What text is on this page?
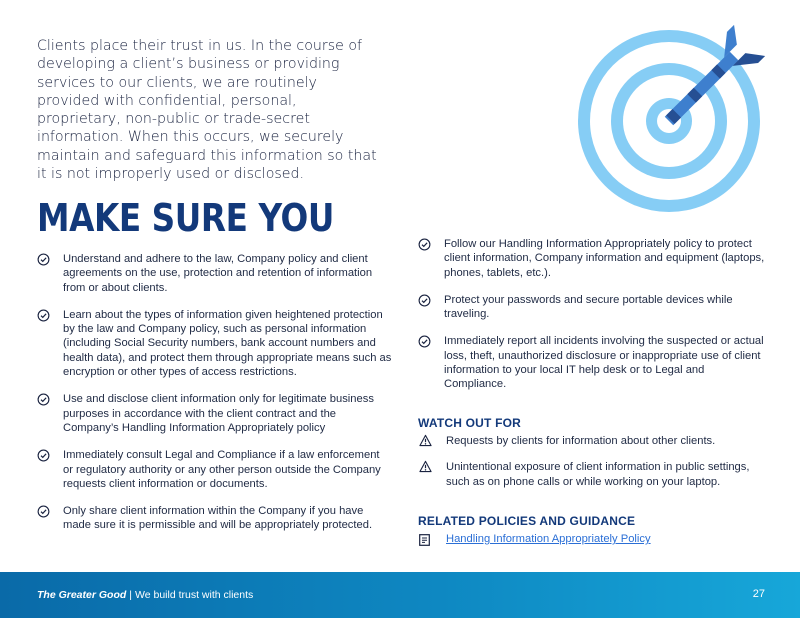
Clients place their trust in us. In the course of developing a client’s business or providing services to our clients, we are routinely provided with confidential, personal, proprietary, non-public or trade-secret information. When this occurs, we securely maintain and safeguard this information so that it is not improperly used or disclosed.

MAKE SURE YOU
Understand and adhere to the law, Company policy and client agreements on the use, protection and retention of information from or about clients.
Learn about the types of information given heightened protection by the law and Company policy, such as personal information (including Social Security numbers, bank account numbers and health data), and protect them through appropriate means such as encryption or other types of access restrictions.
Use and disclose client information only for legitimate business purposes in accordance with the client contract and the Company’s Handling Information Appropriately policy
Immediately consult Legal and Compliance if a law enforcement or regulatory authority or any other person outside the Company requests client information or documents.
Only share client information within the Company if you have made sure it is permissible and will be appropriately protected.
Follow our Handling Information Appropriately policy to protect client information, Company information and equipment (laptops, phones, tablets, etc.).
Protect your passwords and secure portable devices while traveling.
Immediately report all incidents involving the suspected or actual loss, theft, unauthorized disclosure or inappropriate use of client information to your local IT help desk or to Legal and Compliance.
WATCH OUT FOR
Requests by clients for information about other clients.
Unintentional exposure of client information in public settings, such as on phone calls or while working on your laptop.
RELATED POLICIES AND GUIDANCE
Handling Information Appropriately Policy
The Greater Good | We build trust with clients	27
